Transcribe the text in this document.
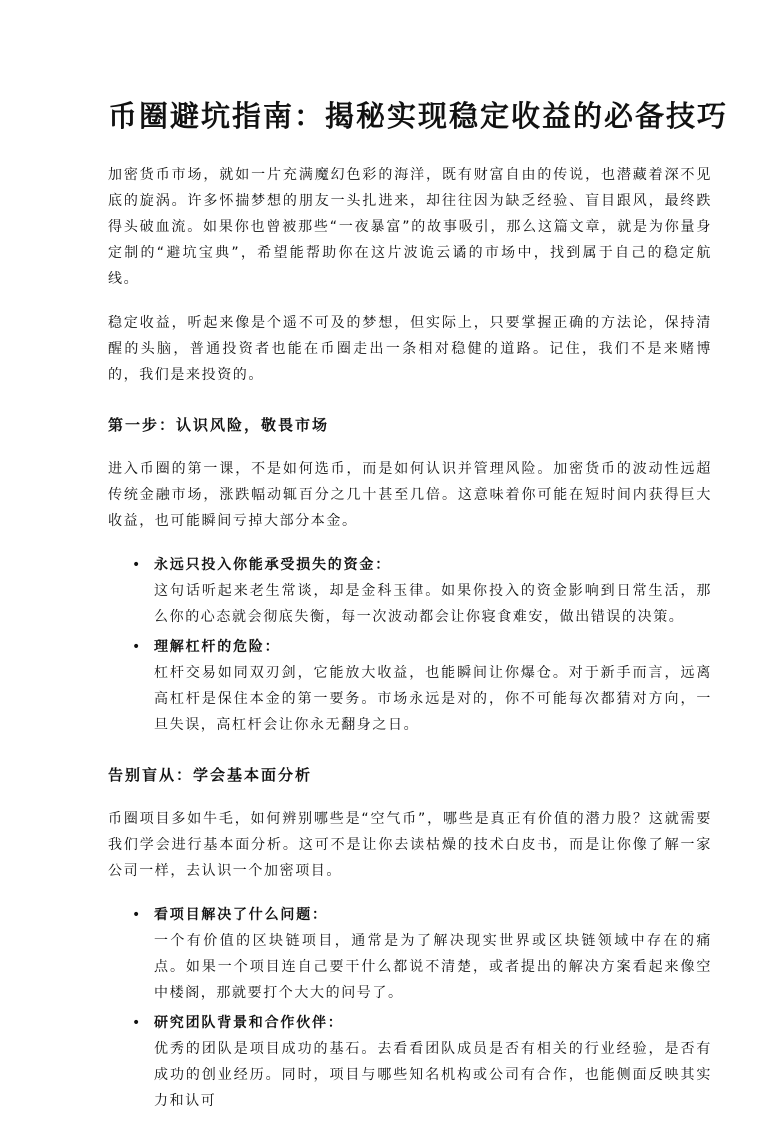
币圈避坑指南：揭秘实现稳定收益的必备技巧

加密货币市场，就如一片充满魔幻色彩的海洋，既有财富自由的传说，也潜藏着深不见底的旋涡。许多怀揣梦想的朋友一头扎进来，却往往因为缺乏经验、盲目跟风，最终跌得头破血流。如果你也曾被那些“一夜暴富”的故事吸引，那么这篇文章，就是为你量身定制的“避坑宝典”，希望能帮助你在这片波诡云谲的市场中，找到属于自己的稳定航线。

稳定收益，听起来像是个遥不可及的梦想，但实际上，只要掌握正确的方法论，保持清醒的头脑，普通投资者也能在币圈走出一条相对稳健的道路。记住，我们不是来赌博的，我们是来投资的。

第一步：认识风险，敬畏市场

进入币圈的第一课，不是如何选币，而是如何认识并管理风险。加密货币的波动性远超传统金融市场，涨跌幅动辄百分之几十甚至几倍。这意味着你可能在短时间内获得巨大收益，也可能瞬间亏掉大部分本金。

• 永远只投入你能承受损失的资金：
这句话听起来老生常谈，却是金科玉律。如果你投入的资金影响到日常生活，那么你的心态就会彻底失衡，每一次波动都会让你寝食难安，做出错误的决策。
• 理解杠杆的危险：
杠杆交易如同双刃剑，它能放大收益，也能瞬间让你爆仓。对于新手而言，远离高杠杆是保住本金的第一要务。市场永远是对的，你不可能每次都猜对方向，一旦失误，高杠杆会让你永无翻身之日。
告别盲从：学会基本面分析

币圈项目多如牛毛，如何辨别哪些是“空气币”，哪些是真正有价值的潜力股？这就需要我们学会进行基本面分析。这可不是让你去读枯燥的技术白皮书，而是让你像了解一家公司一样，去认识一个加密项目。

• 看项目解决了什么问题：
一个有价值的区块链项目，通常是为了解决现实世界或区块链领域中存在的痛点。如果一个项目连自己要干什么都说不清楚，或者提出的解决方案看起来像空中楼阁，那就要打个大大的问号了。
• 研究团队背景和合作伙伴：
优秀的团队是项目成功的基石。去看看团队成员是否有相关的行业经验，是否有成功的创业经历。同时，项目与哪些知名机构或公司有合作，也能侧面反映其实力和认可
